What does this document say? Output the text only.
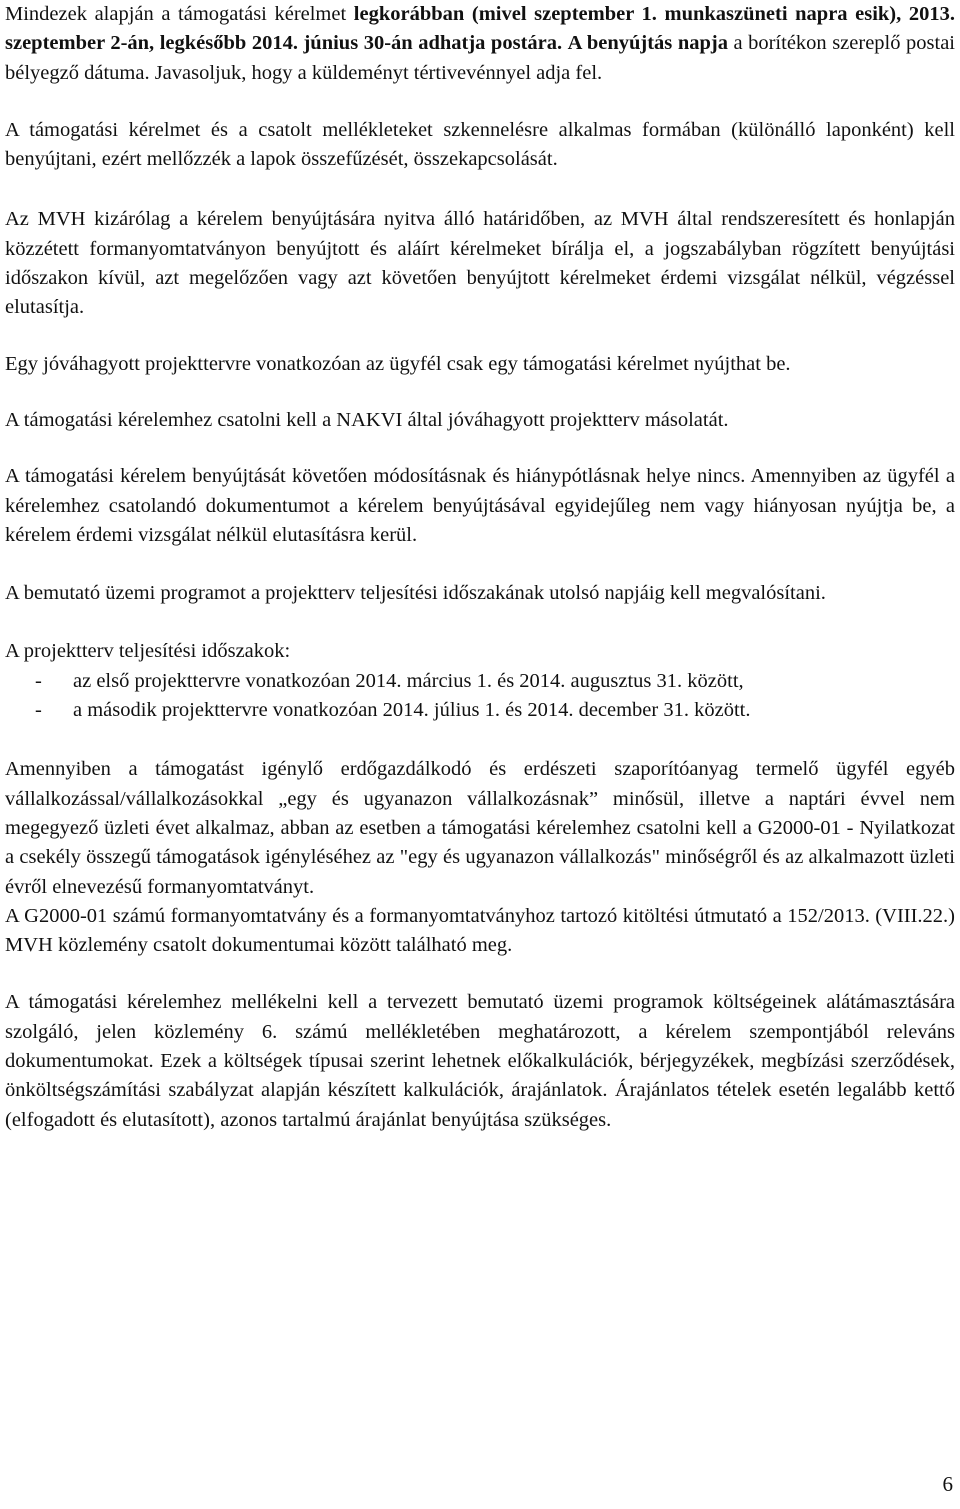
Mindezek alapján a támogatási kérelmet legkorábban (mivel szeptember 1. munkaszüneti napra esik), 2013. szeptember 2-án, legkésőbb 2014. június 30-án adhatja postára. A benyújtás napja a borítékon szereplő postai bélyegző dátuma. Javasoljuk, hogy a küldeményt tértivevénnyel adja fel.

A támogatási kérelmet és a csatolt mellékleteket szkennelésre alkalmas formában (különálló laponként) kell benyújtani, ezért mellőzzék a lapok összefűzését, összekapcsolását.

Az MVH kizárólag a kérelem benyújtására nyitva álló határidőben, az MVH által rendszeresített és honlapján közzétett formanyomtatványon benyújtott és aláírt kérelmeket bírálja el, a jogszabályban rögzített benyújtási időszakon kívül, azt megelőzően vagy azt követően benyújtott kérelmeket érdemi vizsgálat nélkül, végzéssel elutasítja.

Egy jóváhagyott projekttervre vonatkozóan az ügyfél csak egy támogatási kérelmet nyújthat be.

A támogatási kérelemhez csatolni kell a NAKVI által jóváhagyott projektterv másolatát.

A támogatási kérelem benyújtását követően módosításnak és hiánypótlásnak helye nincs. Amennyiben az ügyfél a kérelemhez csatolandó dokumentumot a kérelem benyújtásával egyidejűleg nem vagy hiányosan nyújtja be, a kérelem érdemi vizsgálat nélkül elutasításra kerül.

A bemutató üzemi programot a projektterv teljesítési időszakának utolsó napjáig kell megvalósítani.

A projektterv teljesítési időszakok:

- az első projekttervre vonatkozóan 2014. március 1. és 2014. augusztus 31. között,
- a második projekttervre vonatkozóan 2014. július 1. és 2014. december 31. között.

Amennyiben a támogatást igénylő erdőgazdálkodó és erdészeti szaporítóanyag termelő ügyfél egyéb vállalkozással/vállalkozásokkal „egy és ugyanazon vállalkozásnak” minősül, illetve a naptári évvel nem megegyező üzleti évet alkalmaz, abban az esetben a támogatási kérelemhez csatolni kell a G2000-01 - Nyilatkozat a csekély összegű támogatások igényléséhez az "egy és ugyanazon vállalkozás" minőségről és az alkalmazott üzleti évről elnevezésű formanyomtatványt.

A G2000-01 számú formanyomtatvány és a formanyomtatványhoz tartozó kitöltési útmutató a 152/2013. (VIII.22.) MVH közlemény csatolt dokumentumai között található meg.

A támogatási kérelemhez mellékelni kell a tervezett bemutató üzemi programok költségeinek alátámasztására szolgáló, jelen közlemény 6. számú mellékletében meghatározott, a kérelem szempontjából releváns dokumentumokat. Ezek a költségek típusai szerint lehetnek előkalkulációk, bérjegyzékek, megbízási szerződések, önköltségszámítási szabályzat alapján készített kalkulációk, árajánlatok. Árajánlatos tételek esetén legalább kettő (elfogadott és elutasított), azonos tartalmú árajánlat benyújtása szükséges.

6
